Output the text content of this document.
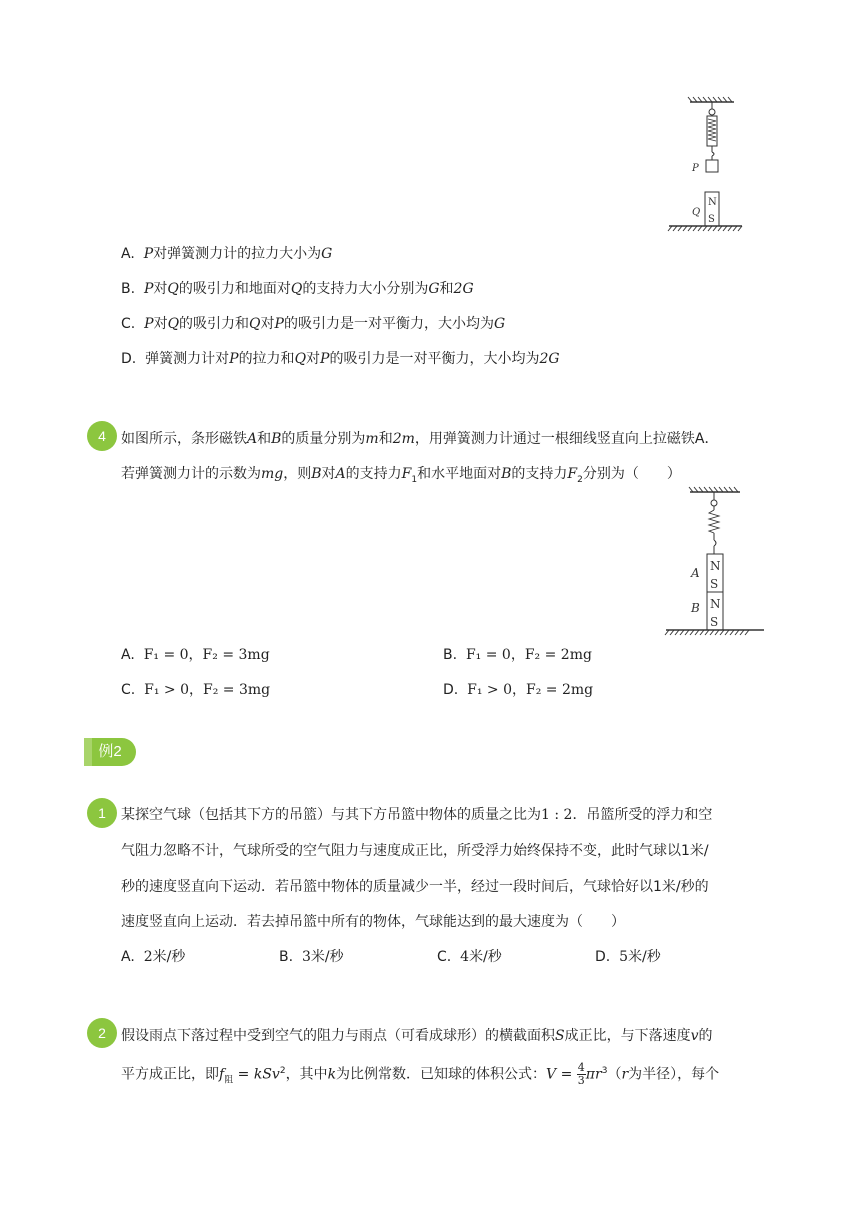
P
N
S
Q
A. P对弹簧测力计的拉力大小为G
B. P对Q的吸引力和地面对Q的支持力大小分别为G和2G
C. P对Q的吸引力和Q对P的吸引力是一对平衡力，大小均为G
D. 弹簧测力计对P的拉力和Q对P的吸引力是一对平衡力，大小均为2G
4	如图所示，条形磁铁A和B的质量分别为m和2m，用弹簧测力计通过一根细线竖直向上拉磁铁A．
若弹簧测力计的示数为mg，则B对A的支持力$F_1$和水平地面对B的支持力$F_2$分别为（　　）
N
S
N
S
A
B
A. F₁ = 0，F₂ = 3mg	B. F₁ = 0，F₂ = 2mg
C. F₁ > 0，F₂ = 3mg	D. F₁ > 0，F₂ = 2mg
例2
1	某探空气球（包括其下方的吊篮）与其下方吊篮中物体的质量之比为1 : 2．吊篮所受的浮力和空
气阻力忽略不计，气球所受的空气阻力与速度成正比，所受浮力始终保持不变，此时气球以1米/
秒的速度竖直向下运动．若吊篮中物体的质量减少一半，经过一段时间后，气球恰好以1米/秒的
速度竖直向上运动．若去掉吊篮中所有的物体，气球能达到的最大速度为（　　）
A. 2米/秒	B. 3米/秒	C. 4米/秒	D. 5米/秒
2	假设雨点下落过程中受到空气的阻力与雨点（可看成球形）的横截面积S成正比，与下落速度v的
平方成正比，即$f_阻 = kSv^2$，其中k为比例常数．已知球的体积公式：$V = \frac{4}{3} \pi r^3(r$为半径），每个
